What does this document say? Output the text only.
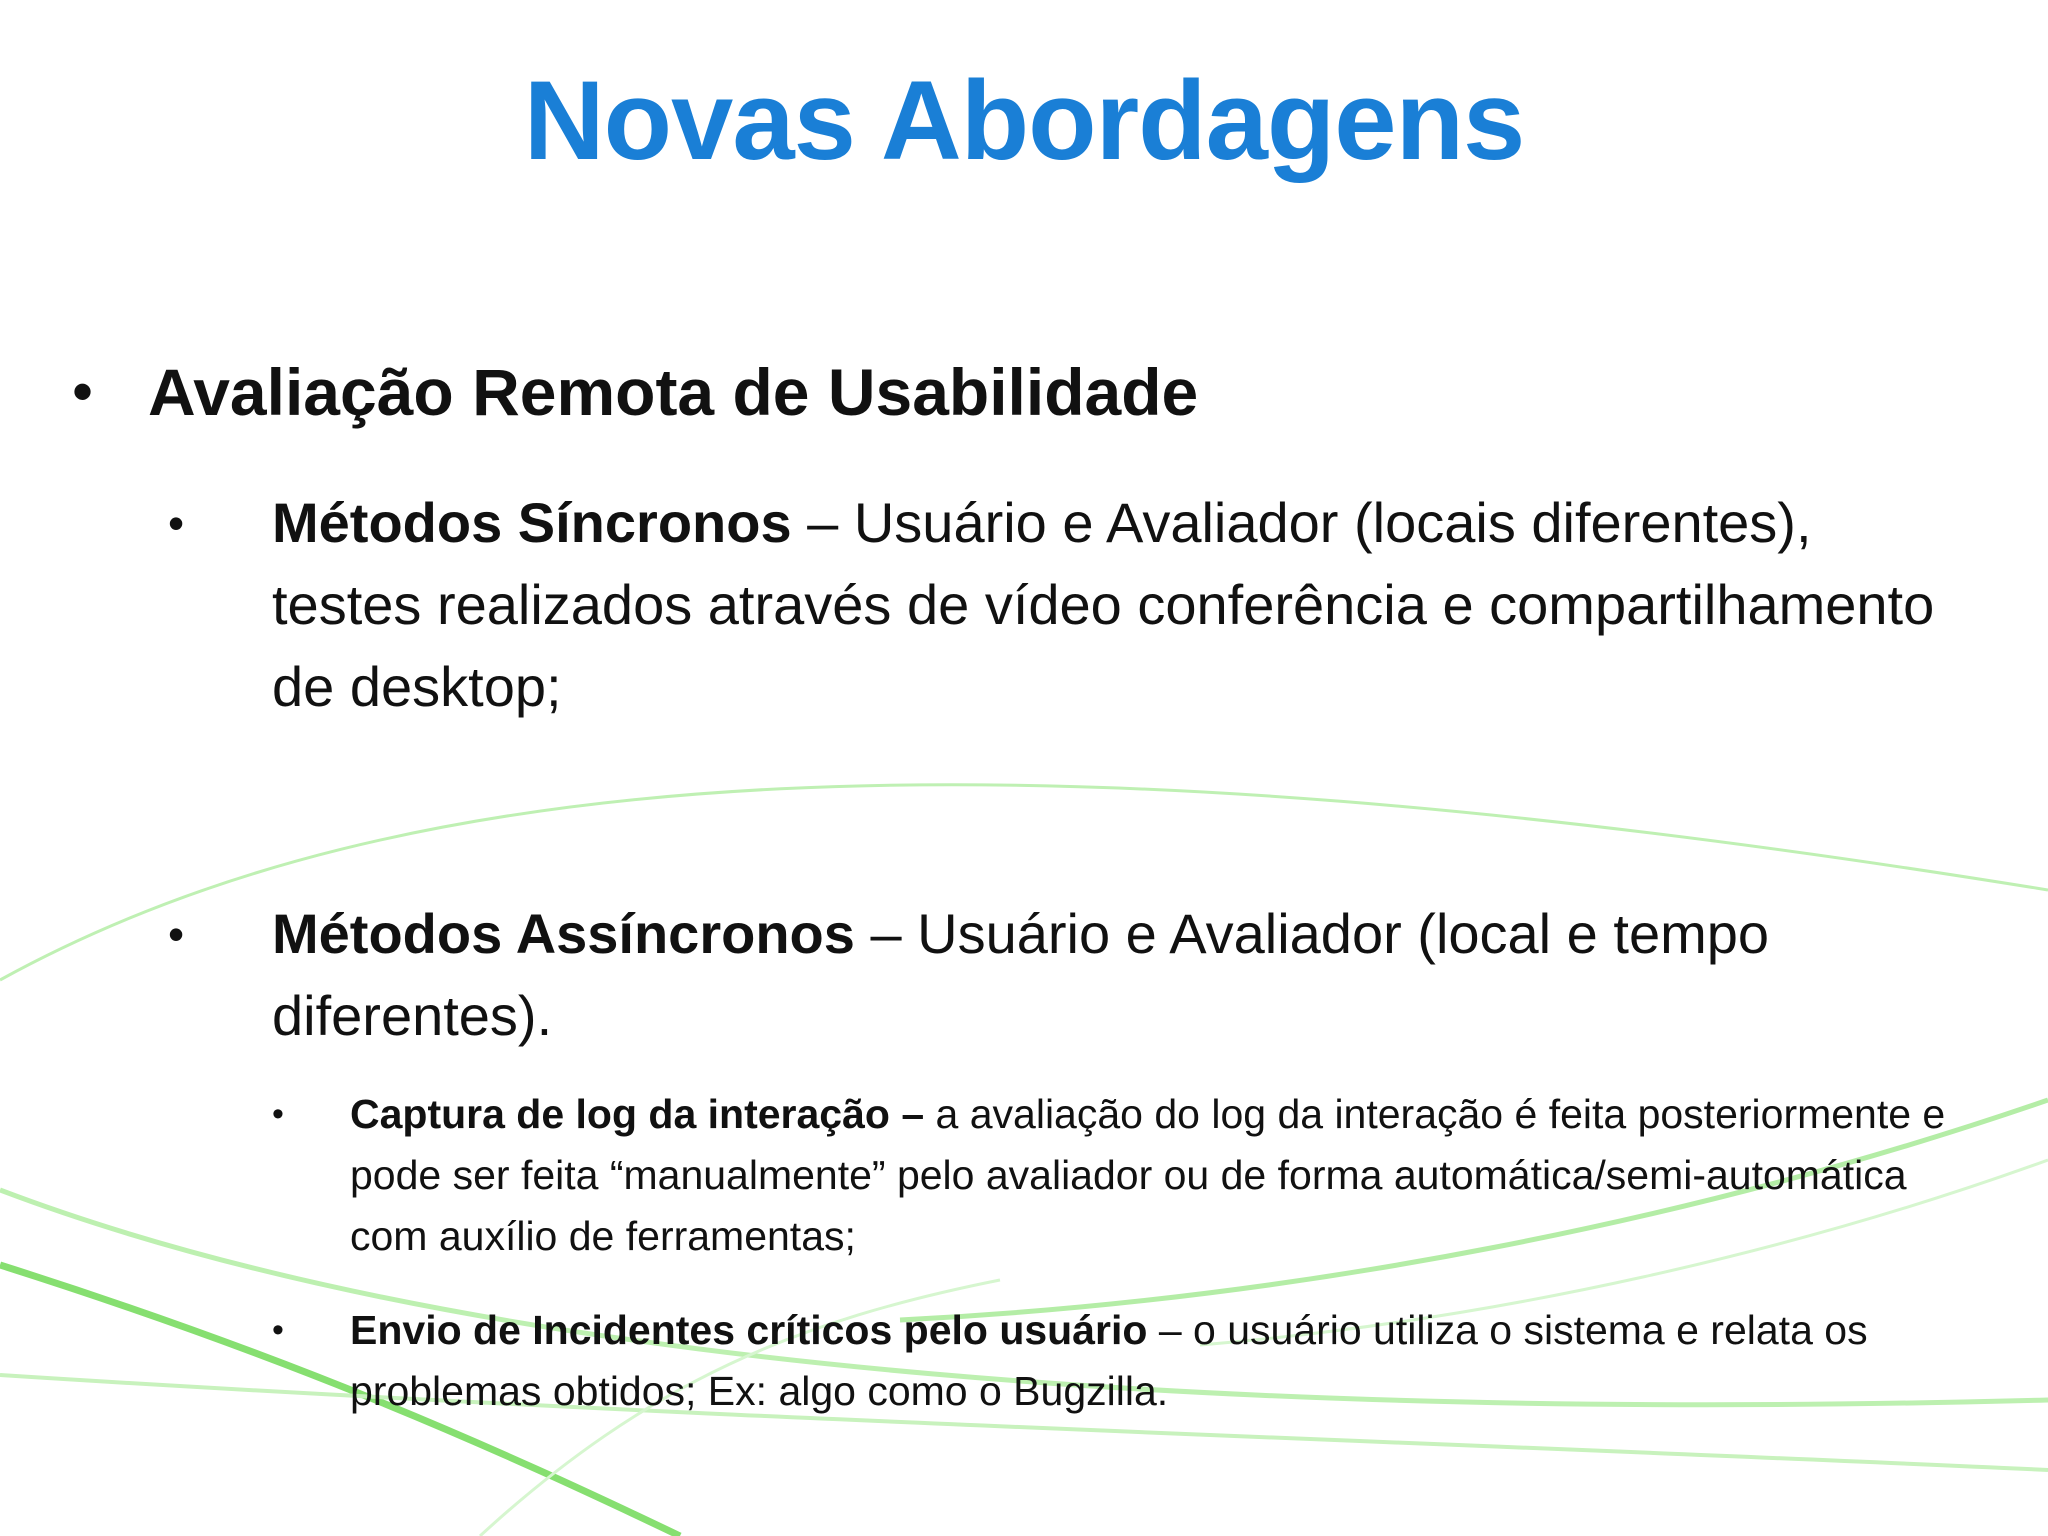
Novas Abordagens
• Avaliação Remota de Usabilidade
• Métodos Síncronos – Usuário e Avaliador (locais diferentes), testes realizados através de vídeo conferência e compartilhamento de desktop;
• Métodos Assíncronos – Usuário e Avaliador (local e tempo diferentes).
• Captura de log da interação – a avaliação do log da interação é feita posteriormente e pode ser feita “manualmente” pelo avaliador ou de forma automática/semi-automática com auxílio de ferramentas;
• Envio de Incidentes críticos pelo usuário – o usuário utiliza o sistema e relata os problemas obtidos; Ex: algo como o Bugzilla.
